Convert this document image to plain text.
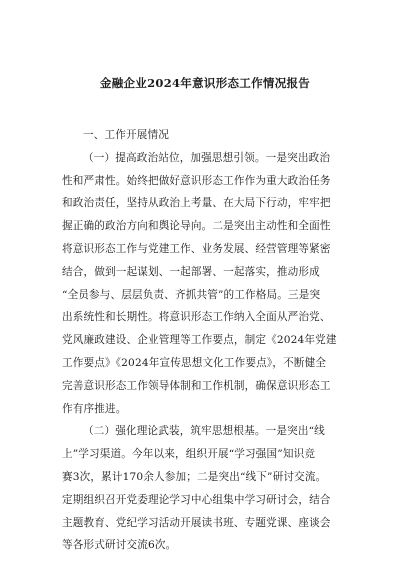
金融企业2024年意识形态工作情况报告
一、工作开展情况
（一）提高政治站位，加强思想引领。一是突出政治
性和严肃性。始终把做好意识形态工作作为重大政治任务
和政治责任，坚持从政治上考量、在大局下行动，牢牢把
握正确的政治方向和舆论导向。二是突出主动性和全面性
将意识形态工作与党建工作、业务发展、经营管理等紧密
结合，做到一起谋划、一起部署、一起落实，推动形成
“全员参与、层层负责、齐抓共管”的工作格局。三是突
出系统性和长期性。将意识形态工作纳入全面从严治党、
党风廉政建设、企业管理等工作要点，制定《2024年党建
工作要点》《2024年宣传思想文化工作要点》，不断健全
完善意识形态工作领导体制和工作机制，确保意识形态工
作有序推进。
（二）强化理论武装，筑牢思想根基。一是突出“线
上”学习渠道。今年以来，组织开展“学习强国”知识竞
赛3次，累计170余人参加；二是突出“线下”研讨交流。
定期组织召开党委理论学习中心组集中学习研讨会，结合
主题教育、党纪学习活动开展读书班、专题党课、座谈会
等各形式研讨交流6次。
